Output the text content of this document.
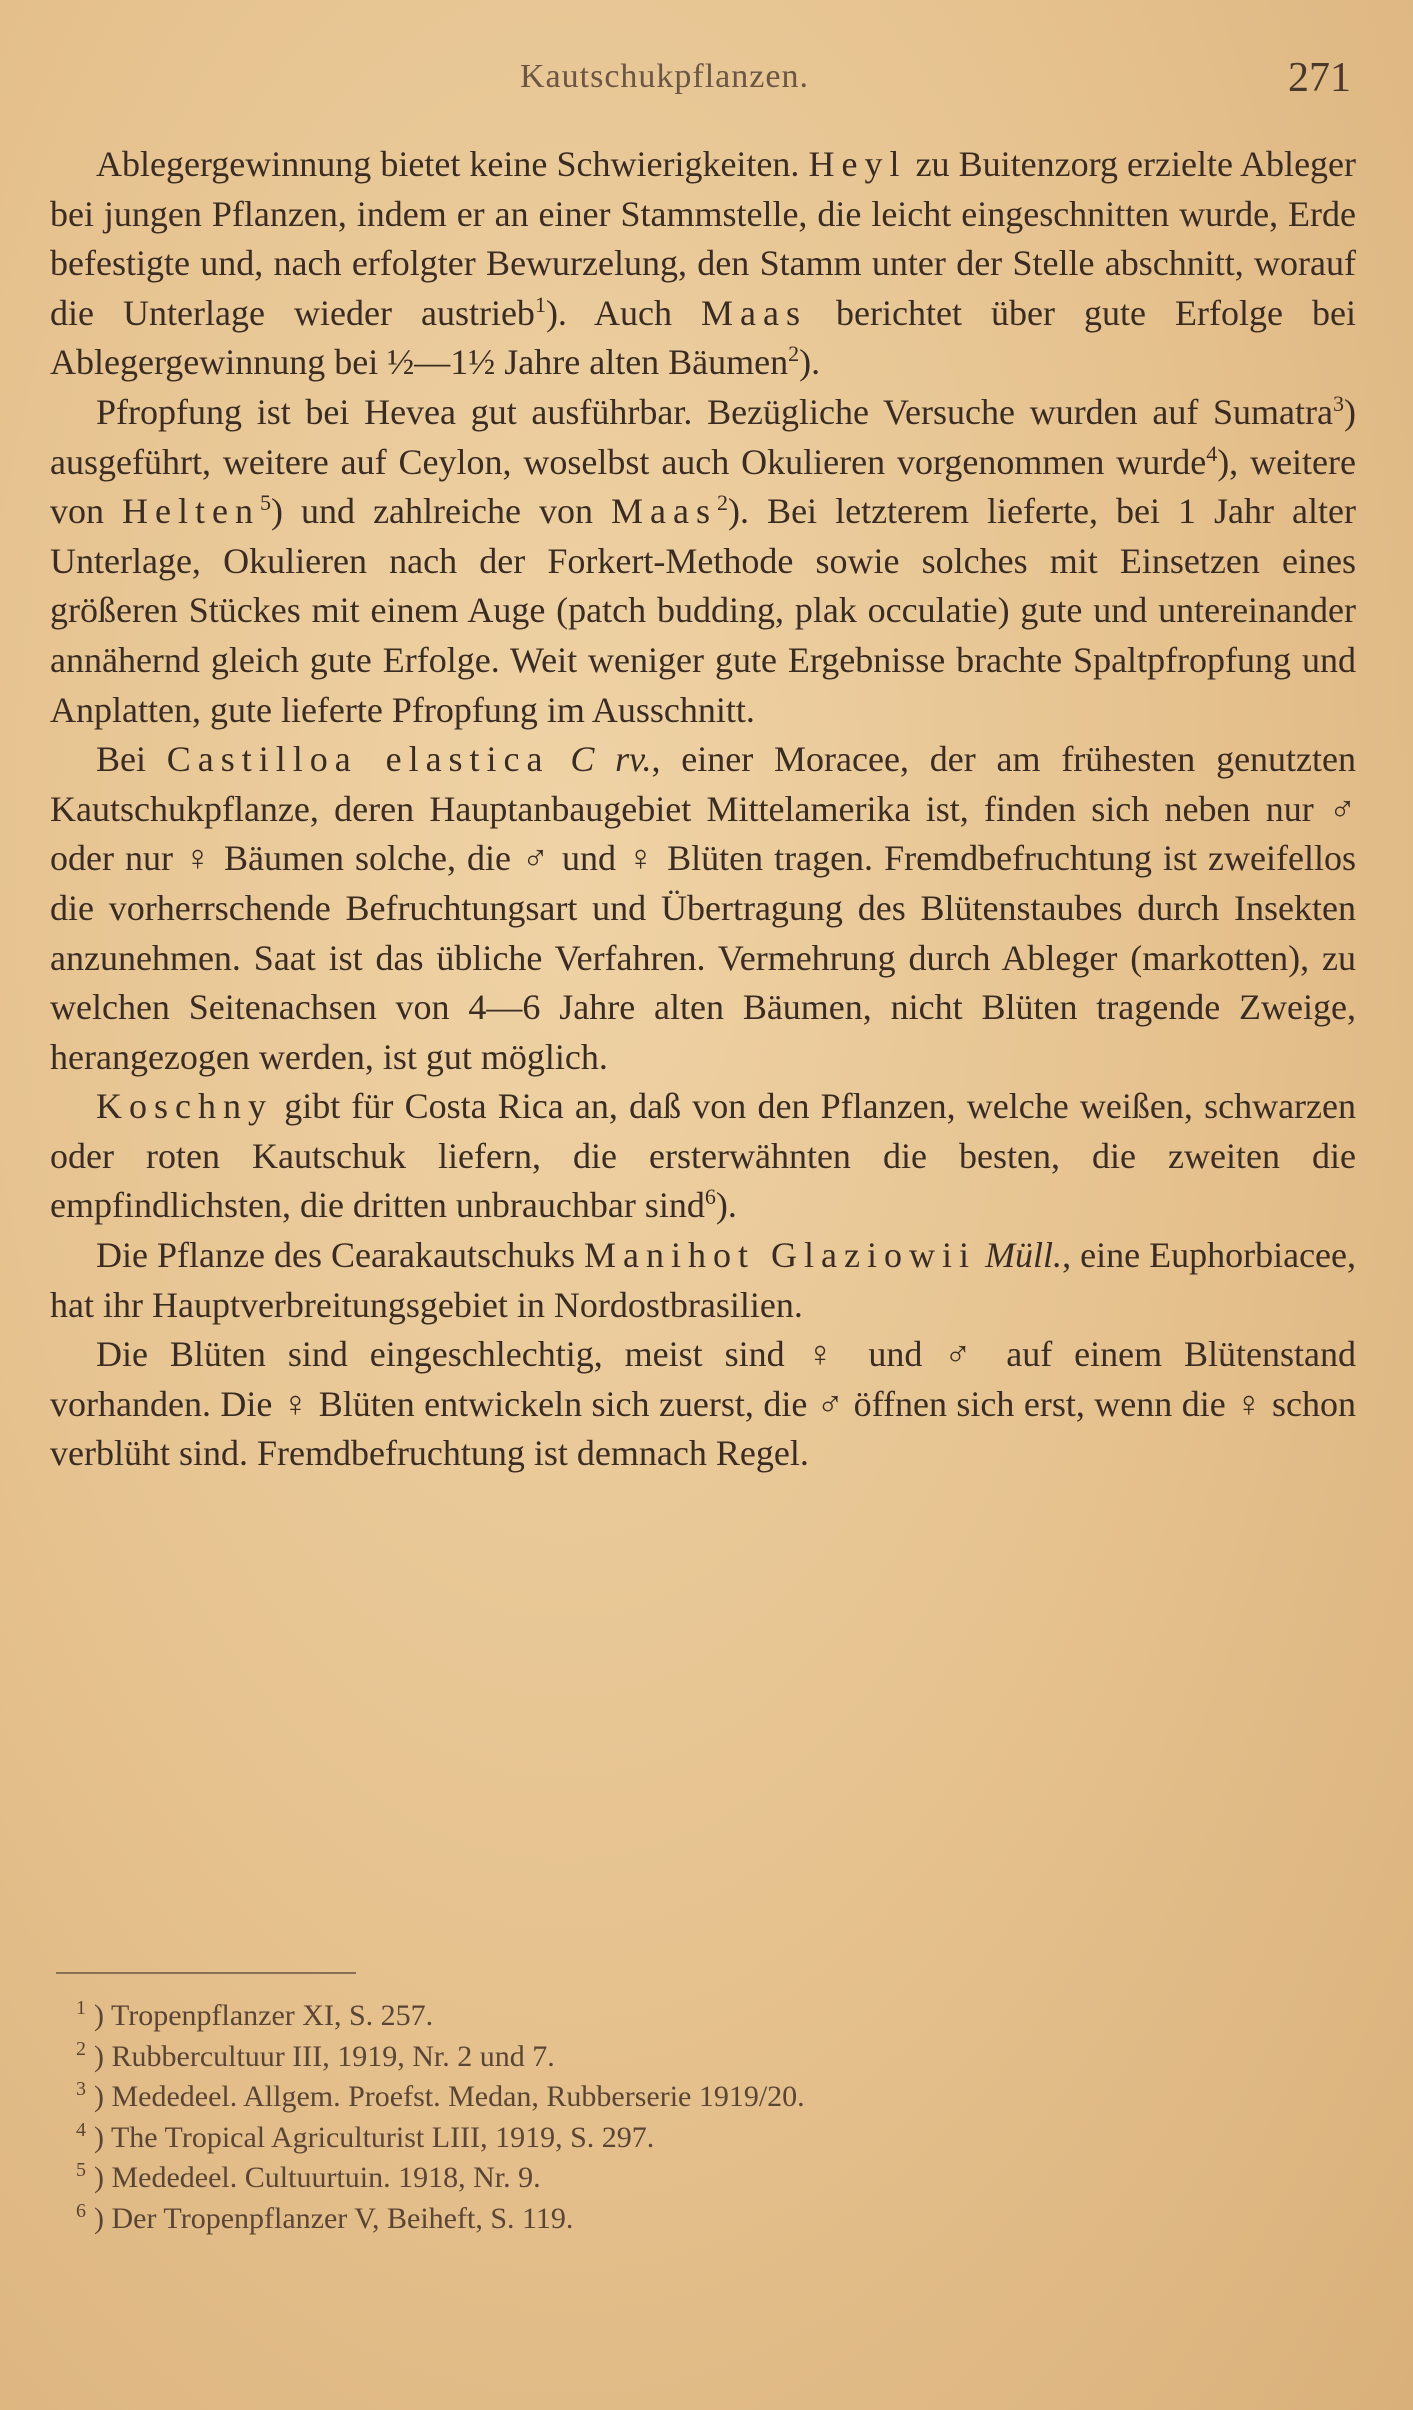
Kautschukpflanzen.	271

Ablegergewinnung bietet keine Schwierigkeiten. Heyl zu Buitenzorg erzielte Ableger bei jungen Pflanzen, indem er an einer Stammstelle, die leicht eingeschnitten wurde, Erde befestigte und, nach erfolgter Bewurzelung, den Stamm unter der Stelle abschnitt, worauf die Unterlage wieder austrieb$^1$). Auch Maas berichtet über gute Erfolge bei Ablegergewinnung bei ½—1½ Jahre alten Bäumen$^2$).

Pfropfung ist bei Hevea gut ausführbar. Bezügliche Versuche wurden auf Sumatra$^3$) ausgeführt, weitere auf Ceylon, woselbst auch Okulieren vorgenommen wurde$^4$), weitere von Helten$^5$) und zahlreiche von Maas$^2$). Bei letzterem lieferte, bei 1 Jahr alter Unterlage, Okulieren nach der Forkert-Methode sowie solches mit Einsetzen eines größeren Stückes mit einem Auge (patch budding, plak occulatie) gute und untereinander annähernd gleich gute Erfolge. Weit weniger gute Ergebnisse brachte Spaltpfropfung und Anplatten, gute lieferte Pfropfung im Ausschnitt.

Bei Castilloa elastica C rv., einer Moracee, der am frühesten genutzten Kautschukpflanze, deren Hauptanbaugebiet Mittelamerika ist, finden sich neben nur ♂ oder nur ♀ Bäumen solche, die ♂ und ♀ Blüten tragen. Fremdbefruchtung ist zweifellos die vorherrschende Befruchtungsart und Übertragung des Blütenstaubes durch Insekten anzunehmen. Saat ist das übliche Verfahren. Vermehrung durch Ableger (markotten), zu welchen Seitenachsen von 4—6 Jahre alten Bäumen, nicht Blüten tragende Zweige, herangezogen werden, ist gut möglich.

Koschny gibt für Costa Rica an, daß von den Pflanzen, welche weißen, schwarzen oder roten Kautschuk liefern, die ersterwähnten die besten, die zweiten die empfindlichsten, die dritten unbrauchbar sind$^6$).

Die Pflanze des Cearakautschuks Manihot Glaziowii Müll., eine Euphorbiacee, hat ihr Hauptverbreitungsgebiet in Nordostbrasilien.

Die Blüten sind eingeschlechtig, meist sind ♀ und ♂ auf einem Blütenstand vorhanden. Die ♀ Blüten entwickeln sich zuerst, die ♂ öffnen sich erst, wenn die ♀ schon verblüht sind. Fremdbefruchtung ist demnach Regel.

$^1$ ) Tropenpflanzer XI, S. 257.
$^2$ ) Rubbercultuur III, 1919, Nr. 2 und 7.
$^3$ ) Mededeel. Allgem. Proefst. Medan, Rubberserie 1919/20.
$^4$ ) The Tropical Agriculturist LIII, 1919, S. 297.
$^5$ ) Mededeel. Cultuurtuin. 1918, Nr. 9.
$^6$ ) Der Tropenpflanzer V, Beiheft, S. 119.
